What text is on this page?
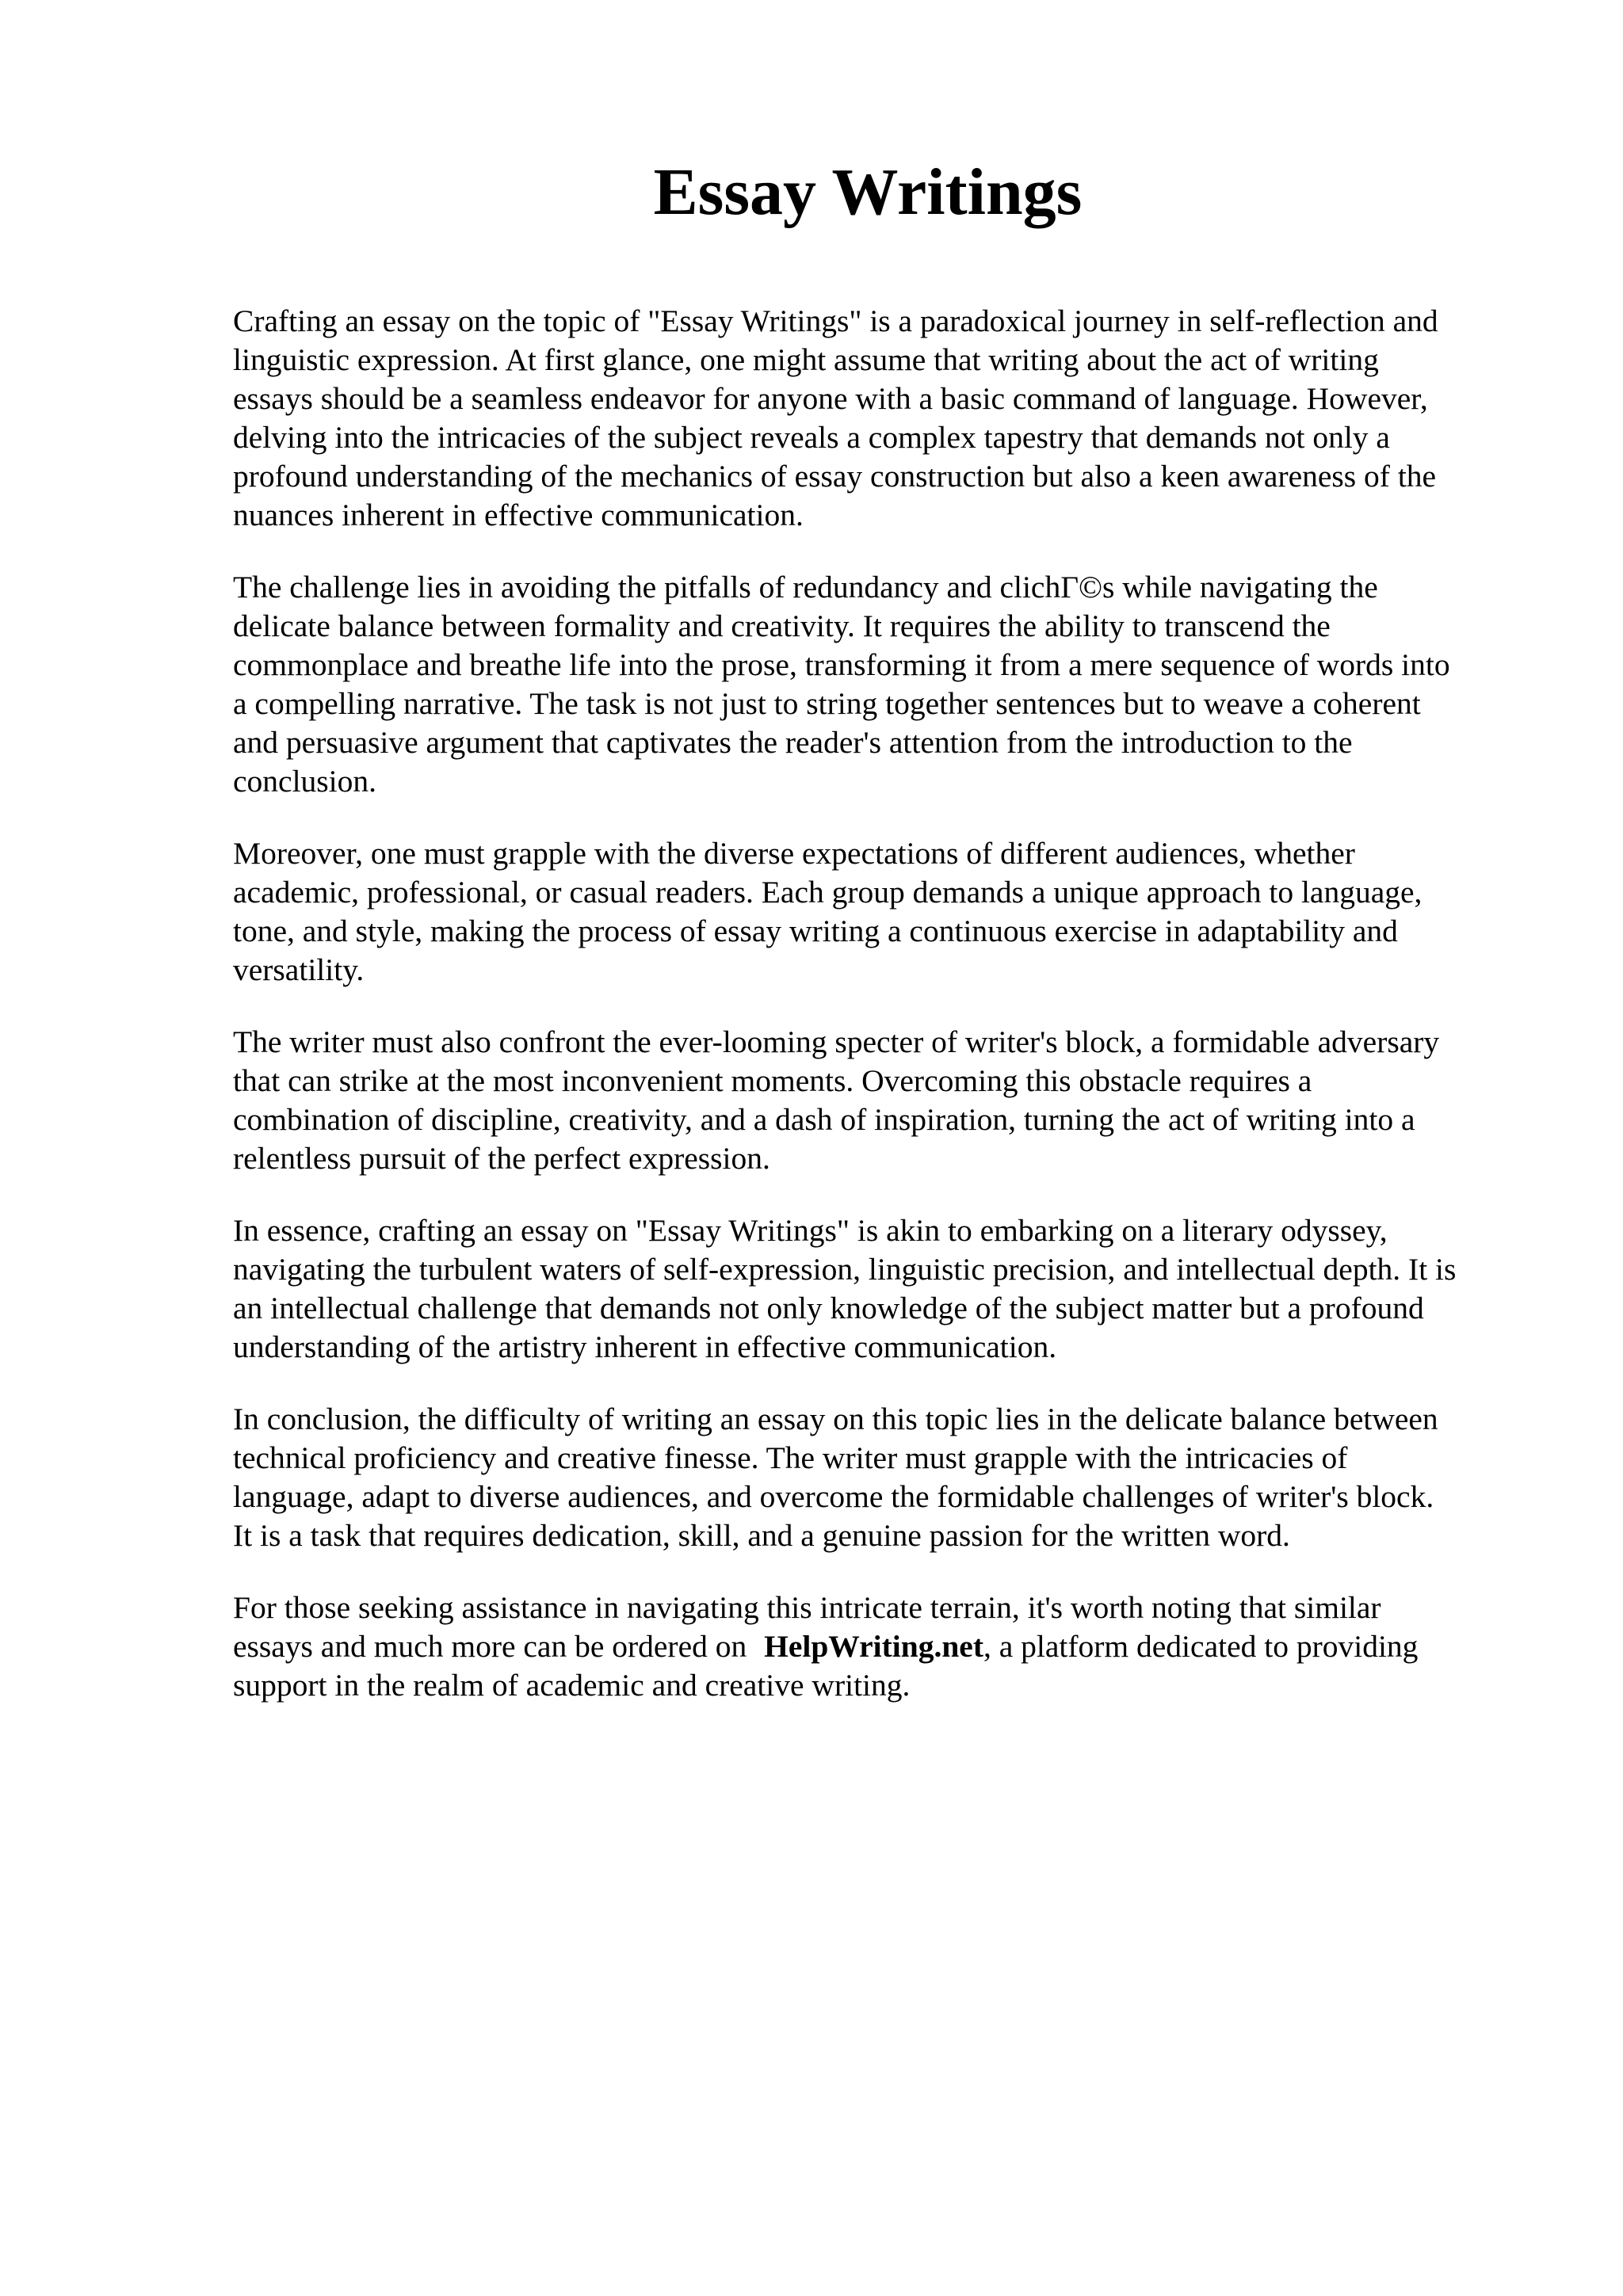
Essay Writings

Crafting an essay on the topic of "Essay Writings" is a paradoxical journey in self-reflection and
linguistic expression. At first glance, one might assume that writing about the act of writing
essays should be a seamless endeavor for anyone with a basic command of language. However,
delving into the intricacies of the subject reveals a complex tapestry that demands not only a
profound understanding of the mechanics of essay construction but also a keen awareness of the
nuances inherent in effective communication.

The challenge lies in avoiding the pitfalls of redundancy and clichГ©s while navigating the
delicate balance between formality and creativity. It requires the ability to transcend the
commonplace and breathe life into the prose, transforming it from a mere sequence of words into
a compelling narrative. The task is not just to string together sentences but to weave a coherent
and persuasive argument that captivates the reader's attention from the introduction to the
conclusion.

Moreover, one must grapple with the diverse expectations of different audiences, whether
academic, professional, or casual readers. Each group demands a unique approach to language,
tone, and style, making the process of essay writing a continuous exercise in adaptability and
versatility.

The writer must also confront the ever-looming specter of writer's block, a formidable adversary
that can strike at the most inconvenient moments. Overcoming this obstacle requires a
combination of discipline, creativity, and a dash of inspiration, turning the act of writing into a
relentless pursuit of the perfect expression.

In essence, crafting an essay on "Essay Writings" is akin to embarking on a literary odyssey,
navigating the turbulent waters of self-expression, linguistic precision, and intellectual depth. It is
an intellectual challenge that demands not only knowledge of the subject matter but a profound
understanding of the artistry inherent in effective communication.

In conclusion, the difficulty of writing an essay on this topic lies in the delicate balance between
technical proficiency and creative finesse. The writer must grapple with the intricacies of
language, adapt to diverse audiences, and overcome the formidable challenges of writer's block.
It is a task that requires dedication, skill, and a genuine passion for the written word.

For those seeking assistance in navigating this intricate terrain, it's worth noting that similar
essays and much more can be ordered on HelpWriting.net, a platform dedicated to providing
support in the realm of academic and creative writing.
